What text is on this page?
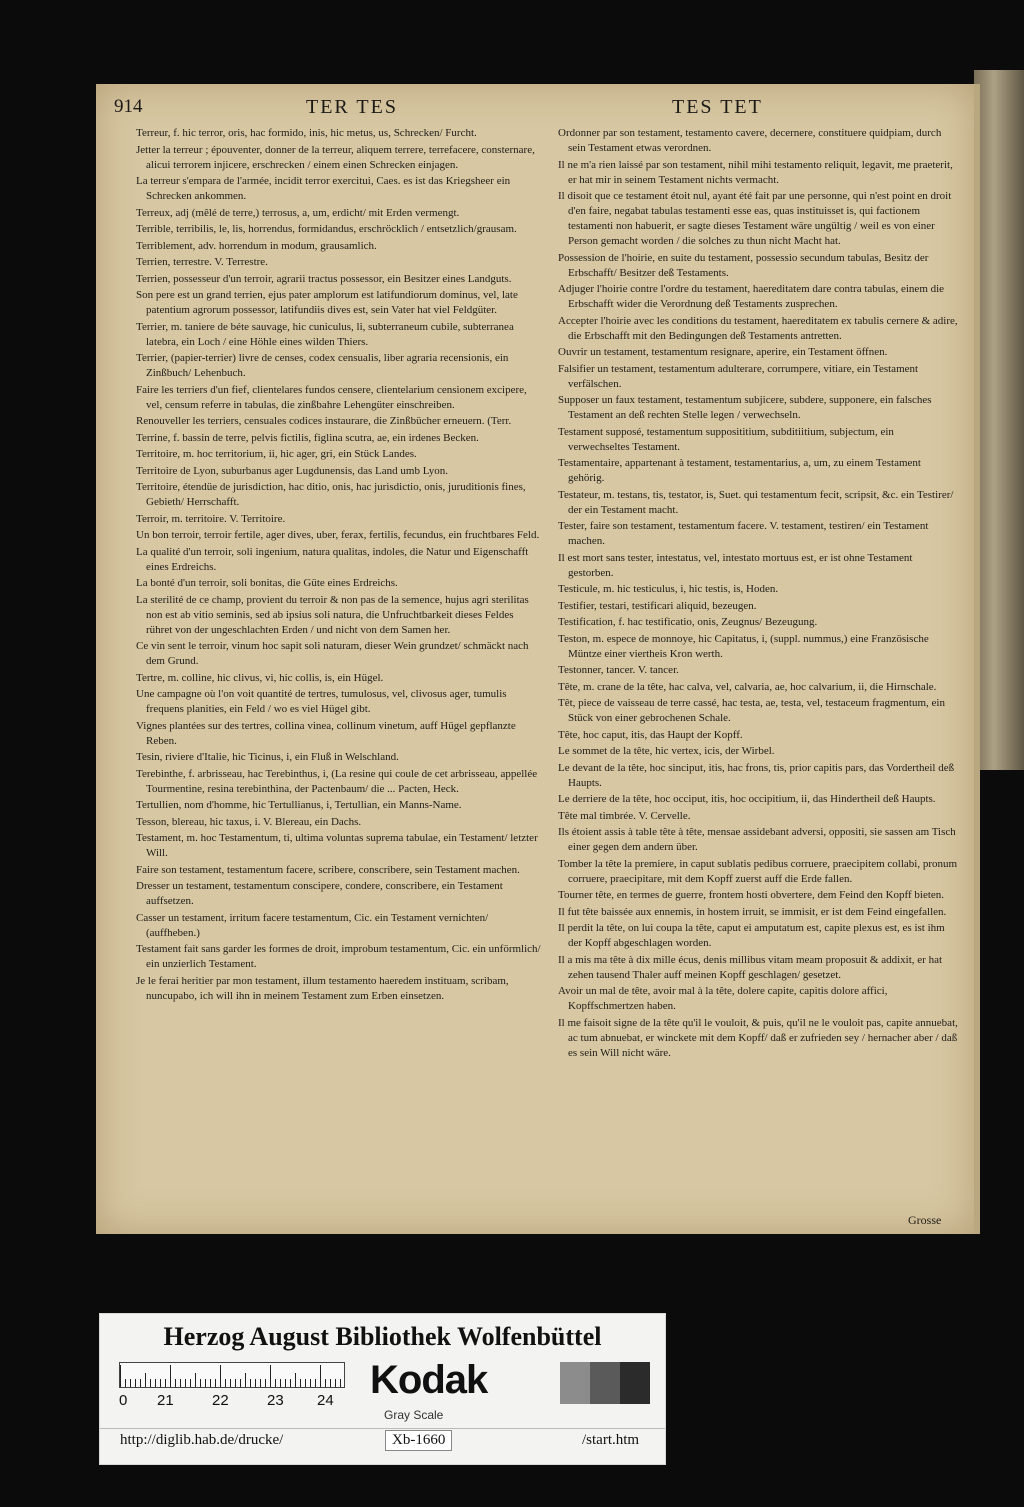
914	TER TES	TES TET
Terreur, f. hic terror, oris, hac formido, inis, hic metus, us, Schrecken/ Furcht.
Jetter la terreur ; épouventer, donner de la terreur, aliquem terrere, terrefacere, consternare, alicui terrorem injicere, erschrecken / einem einen Schrecken einjagen.
La terreur s'empara de l'armée, incidit terror exercitui, Caes. es ist das Kriegsheer ein Schrecken ankommen.
Terreux, adj (mêlé de terre,) terrosus, a, um, erdicht/ mit Erden vermengt.
Terrible, terribilis, le, lis, horrendus, formidandus, erschröcklich / entsetzlich/grausam.
Terriblement, adv. horrendum in modum, grausamlich.
Terrien, terrestre. V. Terrestre.
Terrien, possesseur d'un terroir, agrarii tractus possessor, ein Besitzer eines Landguts.
Son pere est un grand terrien, ejus pater amplorum est latifundiorum dominus, vel, late patentium agrorum possessor, latifundiis dives est, sein Vater hat viel Feldgüter.
Terrier, m. taniere de béte sauvage, hic cuniculus, li, subterraneum cubile, subterranea latebra, ein Loch / eine Höhle eines wilden Thiers.
Terrier, (papier-terrier) livre de censes, codex censualis, liber agraria recensionis, ein Zinßbuch/ Lehenbuch.
Faire les terriers d'un fief, clientelares fundos censere, clientelarium censionem excipere, vel, censum referre in tabulas, die zinßbahre Lehengüter einschreiben.
Renouveller les terriers, censuales codices instaurare, die Zinßbücher erneuern. (Terr.
Terrine, f. bassin de terre, pelvis fictilis, figlina scutra, ae, ein irdenes Becken.
Territoire, m. hoc territorium, ii, hic ager, gri, ein Stück Landes.
Territoire de Lyon, suburbanus ager Lugdunensis, das Land umb Lyon.
Territoire, étendüe de jurisdiction, hac ditio, onis, hac jurisdictio, onis, juruditionis fines, Gebieth/ Herrschafft.
Terroir, m. territoire. V. Territoire.
Un bon terroir, terroir fertile, ager dives, uber, ferax, fertilis, fecundus, ein fruchtbares Feld.
La qualité d'un terroir, soli ingenium, natura qualitas, indoles, die Natur und Eigenschafft eines Erdreichs.
La bonté d'un terroir, soli bonitas, die Güte eines Erdreichs.
La sterilité de ce champ, provient du terroir & non pas de la semence, hujus agri sterilitas non est ab vitio seminis, sed ab ipsius soli natura, die Unfruchtbarkeit dieses Feldes rühret von der ungeschlachten Erden / und nicht von dem Samen her.
Ce vin sent le terroir, vinum hoc sapit soli naturam, dieser Wein grundzet/ schmäckt nach dem Grund.
Tertre, m. colline, hic clivus, vi, hic collis, is, ein Hügel.
Une campagne où l'on voit quantité de tertres, tumulosus, vel, clivosus ager, tumulis frequens planities, ein Feld / wo es viel Hügel gibt.
Vignes plantées sur des tertres, collina vinea, collinum vinetum, auff Hügel gepflanzte Reben.
Tesin, riviere d'Italie, hic Ticinus, i, ein Fluß in Welschland.
Terebinthe, f. arbrisseau, hac Terebinthus, i, (La resine qui coule de cet arbrisseau, appellée Tourmentine, resina terebinthina, der Pactenbaum/ die ... Pacten, Heck.
Tertullien, nom d'homme, hic Tertullianus, i, Tertullian, ein Manns-Name.
Tesson, blereau, hic taxus, i. V. Blereau, ein Dachs.
Testament, m. hoc Testamentum, ti, ultima voluntas suprema tabulae, ein Testament/ letzter Will.
Faire son testament, testamentum facere, scribere, conscribere, sein Testament machen.
Dresser un testament, testamentum conscipere, condere, conscribere, ein Testament auffsetzen.
Casser un testament, irritum facere testamentum, Cic. ein Testament vernichten/ (auffheben.)
Testament fait sans garder les formes de droit, improbum testamentum, Cic. ein unförmlich/ ein unzierlich Testament.
Je le ferai heritier par mon testament, illum testamento haeredem instituam, scribam, nuncupabo, ich will ihn in meinem Testament zum Erben einsetzen.
Ordonner par son testament, testamento cavere, decernere, constituere quidpiam, durch sein Testament etwas verordnen.
Il ne m'a rien laissé par son testament, nihil mihi testamento reliquit, legavit, me praeterit, er hat mir in seinem Testament nichts vermacht.
Il disoit que ce testament étoit nul, ayant été fait par une personne, qui n'est point en droit d'en faire, negabat tabulas testamenti esse eas, quas instituisset is, qui factionem testamenti non habuerit, er sagte dieses Testament wäre ungültig / weil es von einer Person gemacht worden / die solches zu thun nicht Macht hat.
Possession de l'hoirie, en suite du testament, possessio secundum tabulas, Besitz der Erbschafft/ Besitzer deß Testaments.
Adjuger l'hoirie contre l'ordre du testament, haereditatem dare contra tabulas, einem die Erbschafft wider die Verordnung deß Testaments zusprechen.
Accepter l'hoirie avec les conditions du testament, haereditatem ex tabulis cernere & adire, die Erbschafft mit den Bedingungen deß Testaments antretten.
Ouvrir un testament, testamentum resignare, aperire, ein Testament öffnen.
Falsifier un testament, testamentum adulterare, corrumpere, vitiare, ein Testament verfälschen.
Supposer un faux testament, testamentum subjicere, subdere, supponere, ein falsches Testament an deß rechten Stelle legen / verwechseln.
Testament supposé, testamentum supposititium, subditiitium, subjectum, ein verwechseltes Testament.
Testamentaire, appartenant à testament, testamentarius, a, um, zu einem Testament gehörig.
Testateur, m. testans, tis, testator, is, Suet. qui testamentum fecit, scripsit, &c. ein Testirer/ der ein Testament macht.
Tester, faire son testament, testamentum facere. V. testament, testiren/ ein Testament machen.
Il est mort sans tester, intestatus, vel, intestato mortuus est, er ist ohne Testament gestorben.
Testicule, m. hic testiculus, i, hic testis, is, Hoden.
Testifier, testari, testificari aliquid, bezeugen.
Testification, f. hac testificatio, onis, Zeugnus/ Bezeugung.
Teston, m. espece de monnoye, hic Capitatus, i, (suppl. nummus,) eine Französische Müntze einer viertheis Kron werth.
Testonner, tancer. V. tancer.
Tête, m. crane de la tête, hac calva, vel, calvaria, ae, hoc calvarium, ii, die Hirnschale.
Têt, piece de vaisseau de terre cassé, hac testa, ae, testa, vel, testaceum fragmentum, ein Stück von einer gebrochenen Schale.
Tête, hoc caput, itis, das Haupt der Kopff.
Le sommet de la tête, hic vertex, icis, der Wirbel.
Le devant de la tête, hoc sinciput, itis, hac frons, tis, prior capitis pars, das Vordertheil deß Haupts.
Le derriere de la tête, hoc occiput, itis, hoc occipitium, ii, das Hindertheil deß Haupts.
Tête mal timbrée. V. Cervelle.
Ils étoient assis à table tête à tête, mensae assidebant adversi, oppositi, sie sassen am Tisch einer gegen dem andern über.
Tomber la tête la premiere, in caput sublatis pedibus corruere, praecipitem collabi, pronum corruere, praecipitare, mit dem Kopff zuerst auff die Erde fallen.
Tourner tête, en termes de guerre, frontem hosti obvertere, dem Feind den Kopff bieten.
Il fut tête baissée aux ennemis, in hostem irruit, se immisit, er ist dem Feind eingefallen.
Il perdit la tête, on lui coupa la tête, caput ei amputatum est, capite plexus est, es ist ihm der Kopff abgeschlagen worden.
Il a mis ma tête à dix mille écus, denis millibus vitam meam proposuit & addixit, er hat zehen tausend Thaler auff meinen Kopff geschlagen/ gesetzet.
Avoir un mal de tête, avoir mal à la tête, dolere capite, capitis dolore affici, Kopffschmertzen haben.
Il me faisoit signe de la tête qu'il le vouloit, & puis, qu'il ne le vouloit pas, capite annuebat, ac tum abnuebat, er winckete mit dem Kopff/ daß er zufrieden sey / hernacher aber / daß es sein Will nicht wäre.
Grosse
Herzog August Bibliothek Wolfenbüttel
0 21	22	23 24 Kodak
Gray Scale
http://diglib.hab.de/drucke/	Xb-1660	/start.htm
